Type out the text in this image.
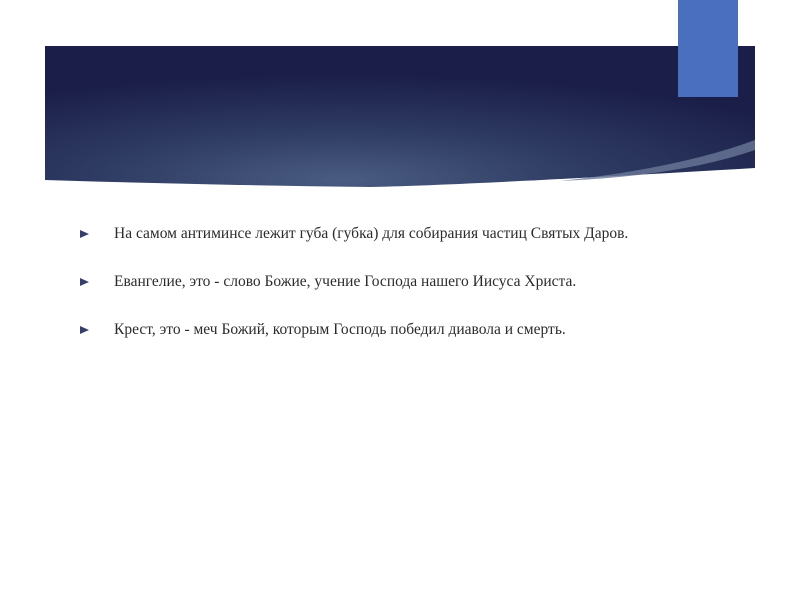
На самом антиминсе лежит губа (губка) для собирания частиц Святых Даров.
Евангелие, это - слово Божие, учение Господа нашего Иисуса Христа.
Крест, это - меч Божий, которым Господь победил диавола и смерть.
